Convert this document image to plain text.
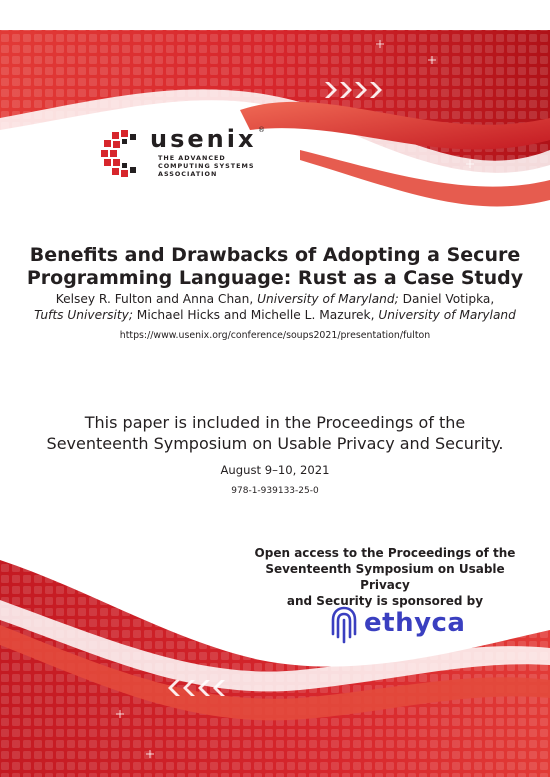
usenix ®
THE ADVANCED
COMPUTING SYSTEMS
ASSOCIATION
Benefits and Drawbacks of Adopting a Secure
Programming Language: Rust as a Case Study
Kelsey R. Fulton and Anna Chan, University of Maryland; Daniel Votipka,
Tufts University; Michael Hicks and Michelle L. Mazurek, University of Maryland
https://www.usenix.org/conference/soups2021/presentation/fulton
This paper is included in the Proceedings of the
Seventeenth Symposium on Usable Privacy and Security.
August 9–10, 2021
978-1-939133-25-0
Open access to the Proceedings of the
Seventeenth Symposium on Usable Privacy
and Security is sponsored by
ethyca
